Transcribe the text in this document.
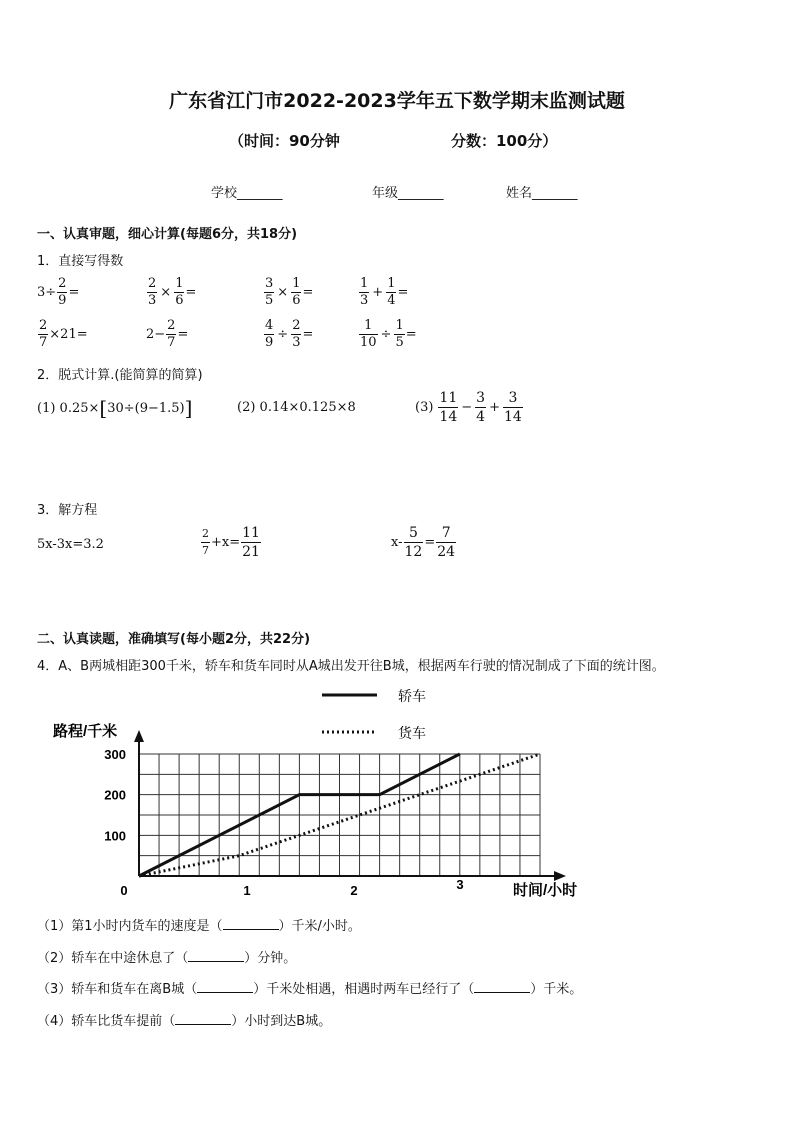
广东省江门市2022-2023学年五下数学期末监测试题
（时间：90分钟	分数：100分）
学校_______	年级_______	姓名_______
一、认真审题，细心计算(每题6分，共18分)
1．直接写得数
$3\div \frac{2}{9}$ =	$\frac{2}{3} \times \frac{1}{6}$ =	$\frac{3}{5} \times \frac{1}{6}$ =	$\frac{1}{3} + \frac{1}{4}$ =
$\frac{2}{7} \times 21=$	$2- \frac{2}{7}$ =	$\frac{4}{9} \div \frac{2}{3}$ =	$\frac{1}{10} \div \frac{1}{5}$ =
2．脱式计算.(能简算的简算)
(1) 0.25× [ 30÷(9−1.5) ]	(2) 0.14×0.125×8	$(3) \frac{11}{14} - \frac{3}{4} + \frac{3}{14}$
3．解方程
5x-3x=3.2	$\frac{2}{7} +x= \frac{11}{21}$	$x- \frac{5}{12} = \frac{7}{24}$
二、认真读题，准确填写(每小题2分，共22分)
4．A、B两城相距300千米，轿车和货车同时从A城出发开往B城，根据两车行驶的情况制成了下面的统计图。
轿车
货车
路程/千米
时间/小时
0	1	2	3
100
200
300
（1）第1小时内货车的速度是（	）千米/小时。
（2）轿车在中途休息了（	）分钟。
（3）轿车和货车在离B城（	）千米处相遇，相遇时两车已经行了（	）千米。
（4）轿车比货车提前（	）小时到达B城。
